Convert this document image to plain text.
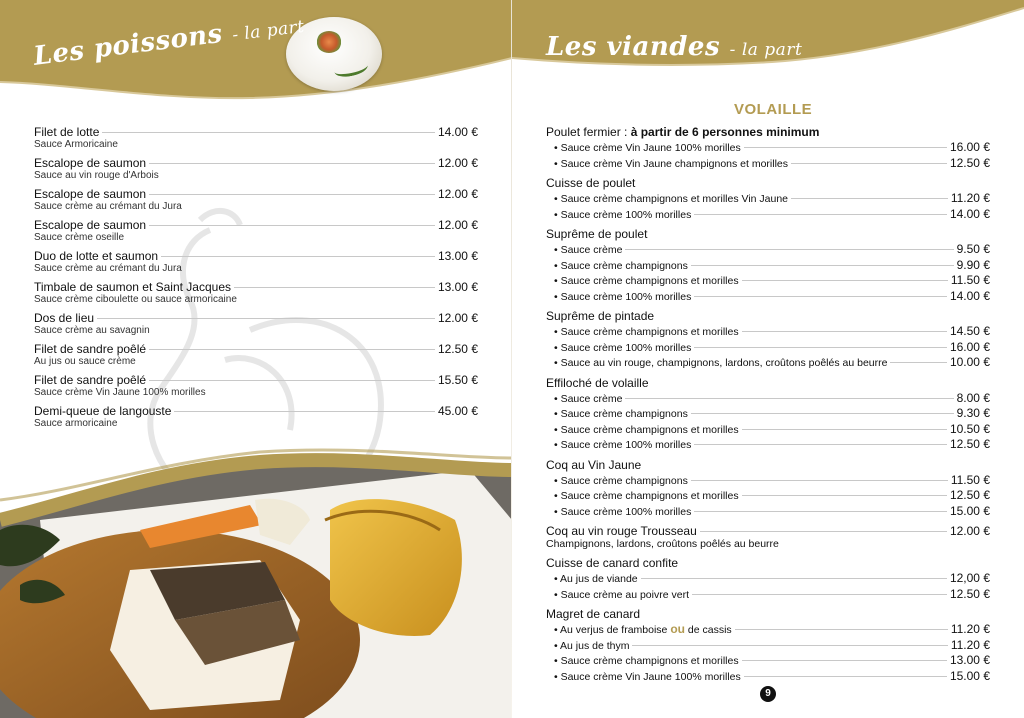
Les poissons - la part
Filet de lotte	14.00 €
Sauce Armoricaine
Escalope de saumon	12.00 €
Sauce au vin rouge d'Arbois
Escalope de saumon	12.00 €
Sauce crème au crémant du Jura
Escalope de saumon	12.00 €
Sauce crème oseille
Duo de lotte et saumon	13.00 €
Sauce crème au crémant du Jura
Timbale de saumon et Saint Jacques	13.00 €
Sauce crème ciboulette ou sauce armoricaine
Dos de lieu	12.00 €
Sauce crème au savagnin
Filet de sandre poêlé	12.50 €
Au jus ou sauce crème
Filet de sandre poêlé	15.50 €
Sauce crème Vin Jaune 100% morilles
Demi-queue de langouste	45.00 €
Sauce armoricaine
Les viandes - la part
VOLAILLE
Poulet fermier : à partir de 6 personnes minimum
• Sauce crème Vin Jaune 100% morilles	16.00 €
• Sauce crème Vin Jaune champignons et morilles	12.50 €
Cuisse de poulet
• Sauce crème champignons et morilles Vin Jaune	11.20 €
• Sauce crème 100% morilles	14.00 €
Suprême de poulet
• Sauce crème	9.50 €
• Sauce crème champignons	9.90 €
• Sauce crème champignons et morilles	11.50 €
• Sauce crème 100% morilles	14.00 €
Suprême de pintade
• Sauce crème champignons et morilles	14.50 €
• Sauce crème 100% morilles	16.00 €
• Sauce au vin rouge, champignons, lardons, croûtons poêlés au beurre	10.00 €
Effiloché de volaille
• Sauce crème	8.00 €
• Sauce crème champignons	9.30 €
• Sauce crème champignons et morilles	10.50 €
• Sauce crème 100% morilles	12.50 €
Coq au Vin Jaune
• Sauce crème champignons	11.50 €
• Sauce crème champignons et morilles	12.50 €
• Sauce crème 100% morilles	15.00 €
Coq au vin rouge Trousseau	12.00 €
Champignons, lardons, croûtons poêlés au beurre
Cuisse de canard confite
• Au jus de viande	12,00 €
• Sauce crème au poivre vert	12.50 €
Magret de canard
• Au verjus de framboise ou de cassis	11.20 €
• Au jus de thym	11.20 €
• Sauce crème champignons et morilles	13.00 €
• Sauce crème Vin Jaune 100% morilles	15.00 €
9
